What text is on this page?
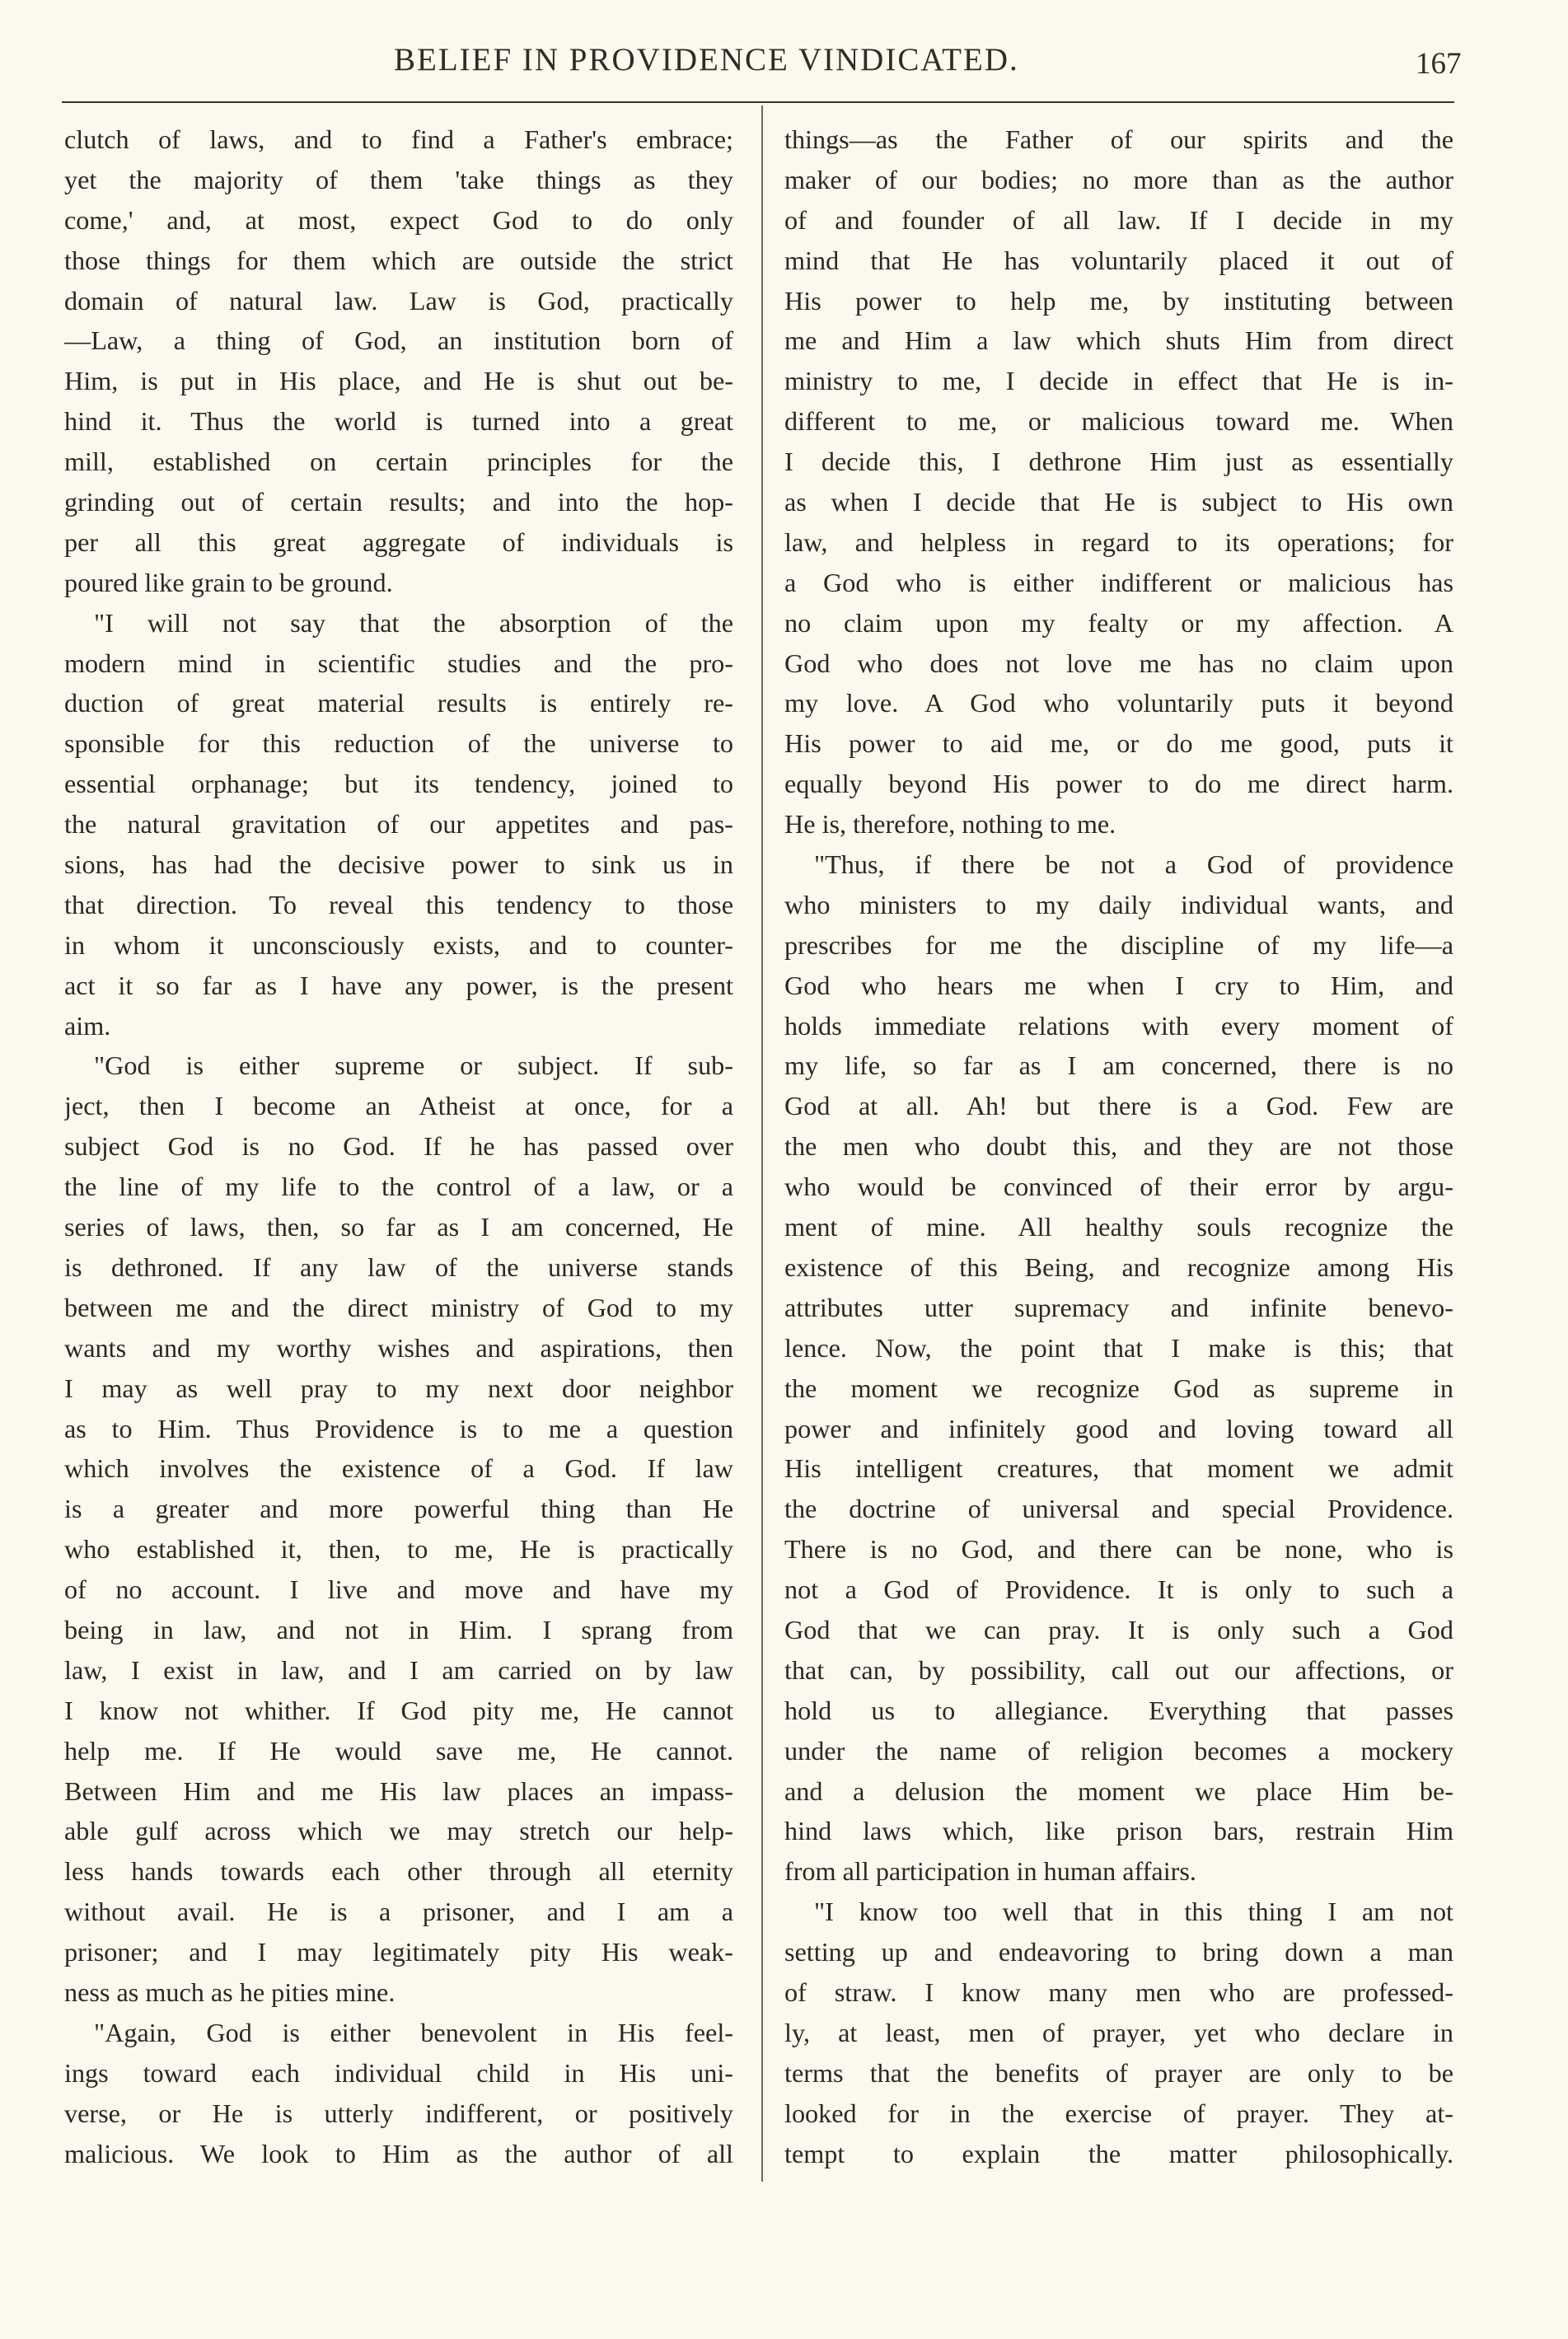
BELIEF IN PROVIDENCE VINDICATED.	167
clutch of laws, and to find a Father's embrace;
yet the majority of them 'take things as they
come,' and, at most, expect God to do only
those things for them which are outside the strict
domain of natural law. Law is God, practically
—Law, a thing of God, an institution born of
Him, is put in His place, and He is shut out be-
hind it. Thus the world is turned into a great
mill, established on certain principles for the
grinding out of certain results; and into the hop-
per all this great aggregate of individuals is
poured like grain to be ground.
"I will not say that the absorption of the
modern mind in scientific studies and the pro-
duction of great material results is entirely re-
sponsible for this reduction of the universe to
essential orphanage; but its tendency, joined to
the natural gravitation of our appetites and pas-
sions, has had the decisive power to sink us in
that direction. To reveal this tendency to those
in whom it unconsciously exists, and to counter-
act it so far as I have any power, is the present
aim.
"God is either supreme or subject. If sub-
ject, then I become an Atheist at once, for a
subject God is no God. If he has passed over
the line of my life to the control of a law, or a
series of laws, then, so far as I am concerned, He
is dethroned. If any law of the universe stands
between me and the direct ministry of God to my
wants and my worthy wishes and aspirations, then
I may as well pray to my next door neighbor
as to Him. Thus Providence is to me a question
which involves the existence of a God. If law
is a greater and more powerful thing than He
who established it, then, to me, He is practically
of no account. I live and move and have my
being in law, and not in Him. I sprang from
law, I exist in law, and I am carried on by law
I know not whither. If God pity me, He cannot
help me. If He would save me, He cannot.
Between Him and me His law places an impass-
able gulf across which we may stretch our help-
less hands towards each other through all eternity
without avail. He is a prisoner, and I am a
prisoner; and I may legitimately pity His weak-
ness as much as he pities mine.
"Again, God is either benevolent in His feel-
ings toward each individual child in His uni-
verse, or He is utterly indifferent, or positively
malicious. We look to Him as the author of all
things—as the Father of our spirits and the
maker of our bodies; no more than as the author
of and founder of all law. If I decide in my
mind that He has voluntarily placed it out of
His power to help me, by instituting between
me and Him a law which shuts Him from direct
ministry to me, I decide in effect that He is in-
different to me, or malicious toward me. When
I decide this, I dethrone Him just as essentially
as when I decide that He is subject to His own
law, and helpless in regard to its operations; for
a God who is either indifferent or malicious has
no claim upon my fealty or my affection. A
God who does not love me has no claim upon
my love. A God who voluntarily puts it beyond
His power to aid me, or do me good, puts it
equally beyond His power to do me direct harm.
He is, therefore, nothing to me.
"Thus, if there be not a God of providence
who ministers to my daily individual wants, and
prescribes for me the discipline of my life—a
God who hears me when I cry to Him, and
holds immediate relations with every moment of
my life, so far as I am concerned, there is no
God at all. Ah! but there is a God. Few are
the men who doubt this, and they are not those
who would be convinced of their error by argu-
ment of mine. All healthy souls recognize the
existence of this Being, and recognize among His
attributes utter supremacy and infinite benevo-
lence. Now, the point that I make is this; that
the moment we recognize God as supreme in
power and infinitely good and loving toward all
His intelligent creatures, that moment we admit
the doctrine of universal and special Providence.
There is no God, and there can be none, who is
not a God of Providence. It is only to such a
God that we can pray. It is only such a God
that can, by possibility, call out our affections, or
hold us to allegiance. Everything that passes
under the name of religion becomes a mockery
and a delusion the moment we place Him be-
hind laws which, like prison bars, restrain Him
from all participation in human affairs.
"I know too well that in this thing I am not
setting up and endeavoring to bring down a man
of straw. I know many men who are professed-
ly, at least, men of prayer, yet who declare in
terms that the benefits of prayer are only to be
looked for in the exercise of prayer. They at-
tempt to explain the matter philosophically.
